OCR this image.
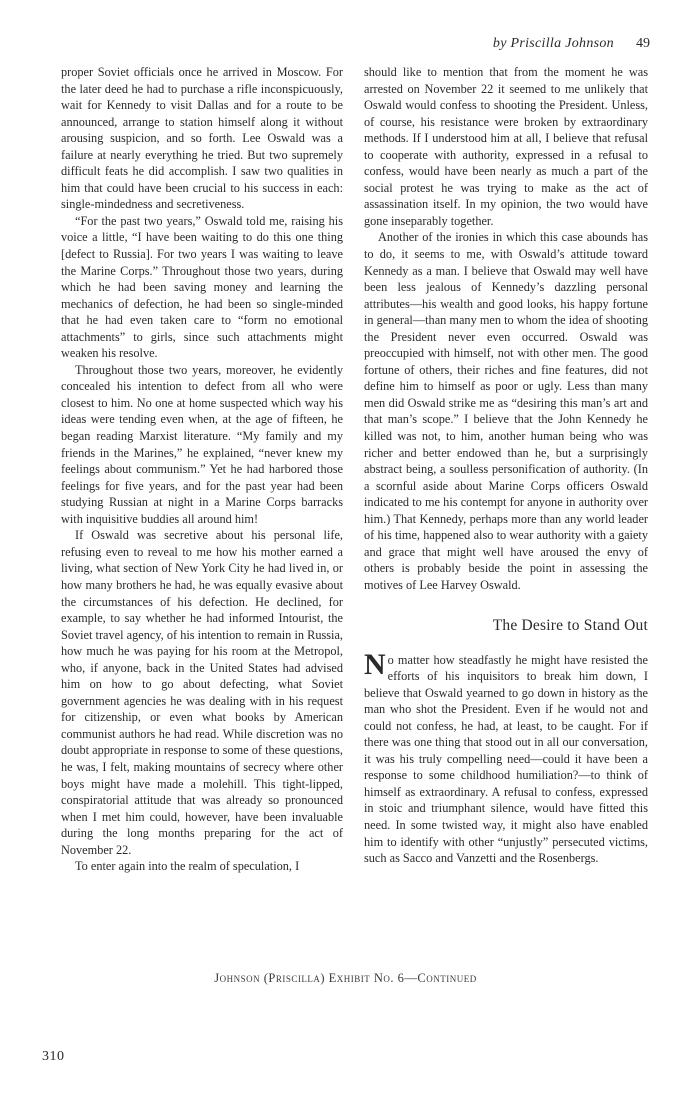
by Priscilla Johnson 49

proper Soviet officials once he arrived in Moscow. For the later deed he had to purchase a rifle inconspicuously, wait for Kennedy to visit Dallas and for a route to be announced, arrange to station himself along it without arousing suspicion, and so forth. Lee Oswald was a failure at nearly everything he tried. But two supremely difficult feats he did accomplish. I saw two qualities in him that could have been crucial to his success in each: single-mindedness and secretiveness.

“For the past two years,” Oswald told me, raising his voice a little, “I have been waiting to do this one thing [defect to Russia]. For two years I was waiting to leave the Marine Corps.” Throughout those two years, during which he had been saving money and learning the mechanics of defection, he had been so single-minded that he had even taken care to “form no emotional attachments” to girls, since such attachments might weaken his resolve.

Throughout those two years, moreover, he evidently concealed his intention to defect from all who were closest to him. No one at home suspected which way his ideas were tending even when, at the age of fifteen, he began reading Marxist literature. “My family and my friends in the Marines,” he explained, “never knew my feelings about communism.” Yet he had harbored those feelings for five years, and for the past year had been studying Russian at night in a Marine Corps barracks with inquisitive buddies all around him!

If Oswald was secretive about his personal life, refusing even to reveal to me how his mother earned a living, what section of New York City he had lived in, or how many brothers he had, he was equally evasive about the circumstances of his defection. He declined, for example, to say whether he had informed Intourist, the Soviet travel agency, of his intention to remain in Russia, how much he was paying for his room at the Metropol, who, if anyone, back in the United States had advised him on how to go about defecting, what Soviet government agencies he was dealing with in his request for citizenship, or even what books by American communist authors he had read. While discretion was no doubt appropriate in response to some of these questions, he was, I felt, making mountains of secrecy where other boys might have made a molehill. This tight-lipped, conspiratorial attitude that was already so pronounced when I met him could, however, have been invaluable during the long months preparing for the act of November 22.

To enter again into the realm of speculation, I

should like to mention that from the moment he was arrested on November 22 it seemed to me unlikely that Oswald would confess to shooting the President. Unless, of course, his resistance were broken by extraordinary methods. If I understood him at all, I believe that refusal to cooperate with authority, expressed in a refusal to confess, would have been nearly as much a part of the social protest he was trying to make as the act of assassination itself. In my opinion, the two would have gone inseparably together.

Another of the ironies in which this case abounds has to do, it seems to me, with Oswald’s attitude toward Kennedy as a man. I believe that Oswald may well have been less jealous of Kennedy’s dazzling personal attributes—his wealth and good looks, his happy fortune in general—than many men to whom the idea of shooting the President never even occurred. Oswald was preoccupied with himself, not with other men. The good fortune of others, their riches and fine features, did not define him to himself as poor or ugly. Less than many men did Oswald strike me as “desiring this man’s art and that man’s scope.” I believe that the John Kennedy he killed was not, to him, another human being who was richer and better endowed than he, but a surprisingly abstract being, a soulless personification of authority. (In a scornful aside about Marine Corps officers Oswald indicated to me his contempt for anyone in authority over him.) That Kennedy, perhaps more than any world leader of his time, happened also to wear authority with a gaiety and grace that might well have aroused the envy of others is probably beside the point in assessing the motives of Lee Harvey Oswald.

The Desire to Stand Out

No matter how steadfastly he might have resisted the efforts of his inquisitors to break him down, I believe that Oswald yearned to go down in history as the man who shot the President. Even if he would not and could not confess, he had, at least, to be caught. For if there was one thing that stood out in all our conversation, it was his truly compelling need—could it have been a response to some childhood humiliation?—to think of himself as extraordinary. A refusal to confess, expressed in stoic and triumphant silence, would have fitted this need. In some twisted way, it might also have enabled him to identify with other “unjustly” persecuted victims, such as Sacco and Vanzetti and the Rosenbergs.

Johnson (Priscilla) Exhibit No. 6—Continued
310
